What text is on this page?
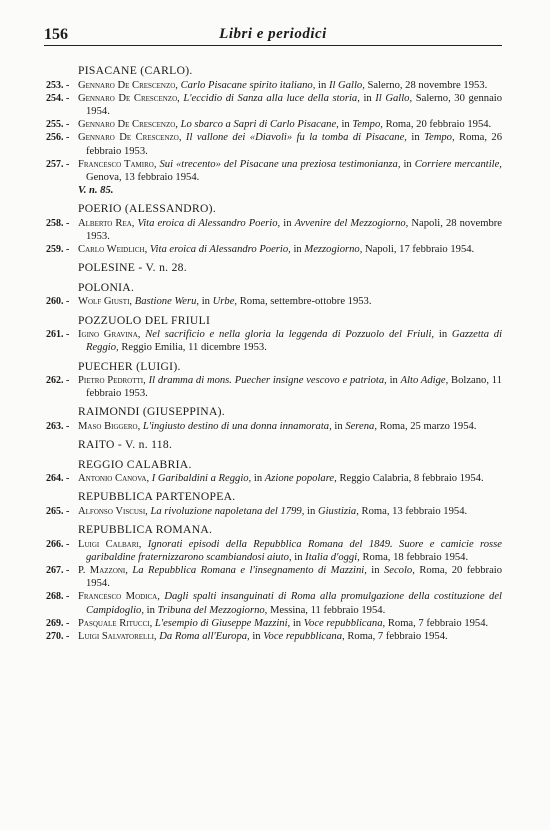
156	Libri e periodici
PISACANE (CARLO).
253. - Gennaro De Crescenzo, Carlo Pisacane spirito italiano, in Il Gallo, Salerno, 28 novembre 1953.
254. - Gennaro De Crescenzo, L'eccidio di Sanza alla luce della storia, in Il Gallo, Salerno, 30 gennaio 1954.
255. - Gennaro De Crescenzo, Lo sbarco a Sapri di Carlo Pisacane, in Tempo, Roma, 20 febbraio 1954.
256. - Gennaro De Crescenzo, Il vallone dei «Diavoli» fu la tomba di Pisacane, in Tempo, Roma, 26 febbraio 1953.
257. - Francesco Tamiro, Sui «trecento» del Pisacane una preziosa testimonianza, in Corriere mercantile, Genova, 13 febbraio 1954.
V. n. 85.
POERIO (ALESSANDRO).
258. - Alberto Rea, Vita eroica di Alessandro Poerio, in Avvenire del Mezzogiorno, Napoli, 28 novembre 1953.
259. - Carlo Weidlich, Vita eroica di Alessandro Poerio, in Mezzogiorno, Napoli, 17 febbraio 1954.
POLESINE - V. n. 28.
POLONIA.
260. - Wolf Giusti, Bastione Weru, in Urbe, Roma, settembre-ottobre 1953.
POZZUOLO DEL FRIULI
261. - Igino Gravina, Nel sacrificio e nella gloria la leggenda di Pozzuolo del Friuli, in Gazzetta di Reggio, Reggio Emilia, 11 dicembre 1953.
PUECHER (LUIGI).
262. - Pietro Pedrotti, Il dramma di mons. Puecher insigne vescovo e patriota, in Alto Adige, Bolzano, 11 febbraio 1953.
RAIMONDI (GIUSEPPINA).
263. - Maso Biggero, L'ingiusto destino di una donna innamorata, in Serena, Roma, 25 marzo 1954.
RAITO - V. n. 118.
REGGIO CALABRIA.
264. - Antonio Canova, I Garibaldini a Reggio, in Azione popolare, Reggio Calabria, 8 febbraio 1954.
REPUBBLICA PARTENOPEA.
265. - Alfonso Viscusi, La rivoluzione napoletana del 1799, in Giustizia, Roma, 13 febbraio 1954.
REPUBBLICA ROMANA.
266. - Luigi Calbari, Ignorati episodi della Repubblica Romana del 1849. Suore e camicie rosse garibaldine fraternizzarono scambiandosi aiuto, in Italia d'oggi, Roma, 18 febbraio 1954.
267. - P. Mazzoni, La Repubblica Romana e l'insegnamento di Mazzini, in Secolo, Roma, 20 febbraio 1954.
268. - Francesco Modica, Dagli spalti insanguinati di Roma alla promulgazione della costituzione del Campidoglio, in Tribuna del Mezzogiorno, Messina, 11 febbraio 1954.
269. - Pasquale Ritucci, L'esempio di Giuseppe Mazzini, in Voce repubblicana, Roma, 7 febbraio 1954.
270. - Luigi Salvatorelli, Da Roma all'Europa, in Voce repubblicana, Roma, 7 febbraio 1954.
